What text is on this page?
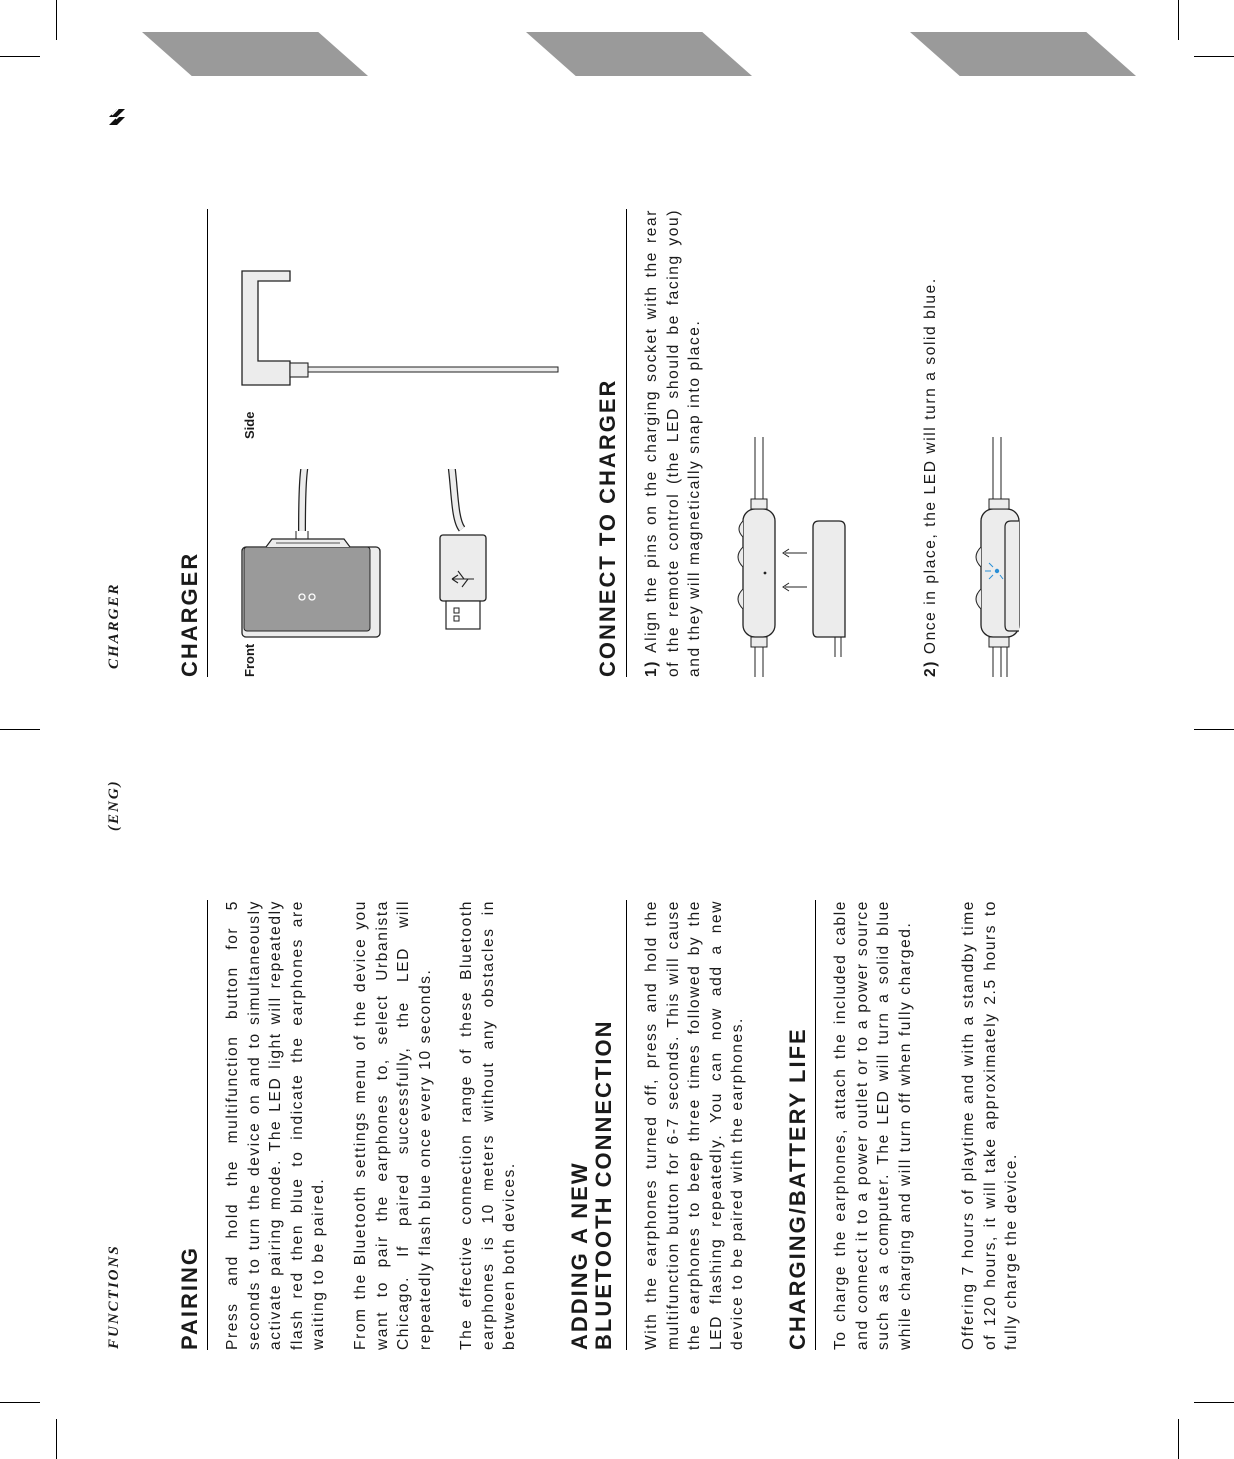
FUNCTIONS
(ENG)
CHARGER
PAIRING Press and hold the multifunction button for 5 seconds to turn the device on and to simultaneously activate pairing mode. The LED light will repeatedly flash red then blue to indicate the earphones are waiting to be paired. From the Bluetooth settings menu of the device you want to pair the earphones to, select Urbanista Chicago. If paired successfully, the LED will repeatedly flash blue once every 10 seconds. The effective connection range of these Bluetooth earphones is 10 meters without any obstacles in between both devices. ADDING A NEW BLUETOOTH CONNECTION With the earphones turned off, press and hold the multifunction button for 6-7 seconds. This will cause the earphones to beep three times followed by the LED flashing repeatedly. You can now add a new device to be paired with the earphones. CHARGING/BATTERY LIFE To charge the earphones, attach the included cable and connect it to a power outlet or to a power source such as a computer. The LED will turn a solid blue while charging and will turn off when fully charged.	Offering 7 hours of playtime and with a standby time of 120 hours, it will take approximately 2.5 hours to fully charge the device.

CHARGER	Front
Side	CONNECT TO CHARGER 1) Align the pins on the charging socket with the rear of the remote control (the LED should be facing you) and they will magnetically snap into place.	2) Once in place, the LED will turn a solid blue.
